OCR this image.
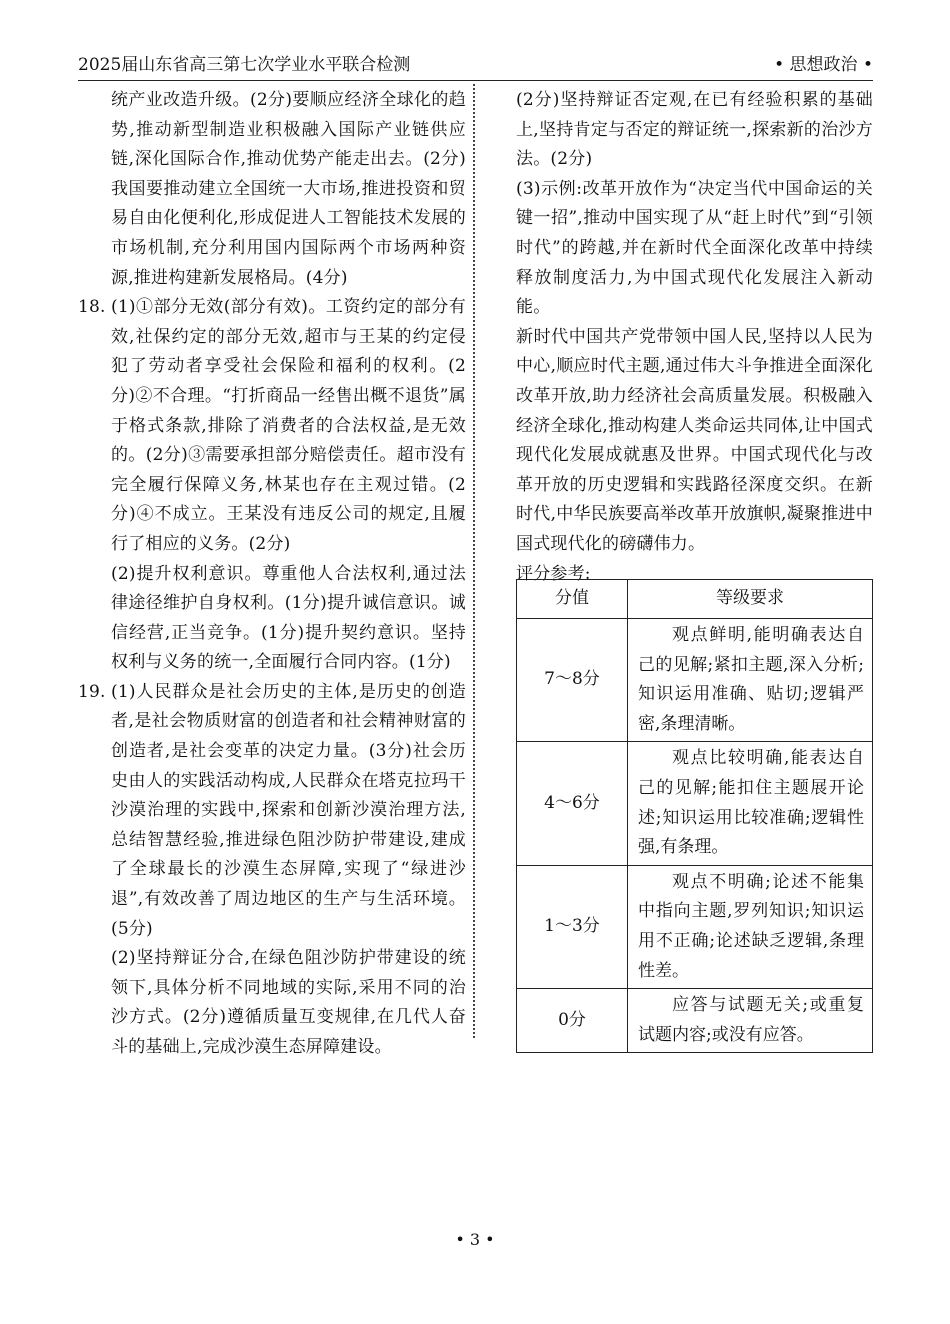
2025届山东省高三第七次学业水平联合检测	• 思想政治 •
统产业改造升级。(2分)要顺应经济全球化的趋势,推动新型制造业积极融入国际产业链供应链,深化国际合作,推动优势产能走出去。(2分)我国要推动建立全国统一大市场,推进投资和贸易自由化便利化,形成促进人工智能技术发展的市场机制,充分利用国内国际两个市场两种资源,推进构建新发展格局。(4分)
18. (1)①部分无效(部分有效)。工资约定的部分有效,社保约定的部分无效,超市与王某的约定侵犯了劳动者享受社会保险和福利的权利。(2分)②不合理。“打折商品一经售出概不退货”属于格式条款,排除了消费者的合法权益,是无效的。(2分)③需要承担部分赔偿责任。超市没有完全履行保障义务,林某也存在主观过错。(2分)④不成立。王某没有违反公司的规定,且履行了相应的义务。(2分)
(2)提升权利意识。尊重他人合法权利,通过法律途径维护自身权利。(1分)提升诚信意识。诚信经营,正当竞争。(1分)提升契约意识。坚持权利与义务的统一,全面履行合同内容。(1分)
19. (1)人民群众是社会历史的主体,是历史的创造者,是社会物质财富的创造者和社会精神财富的创造者,是社会变革的决定力量。(3分)社会历史由人的实践活动构成,人民群众在塔克拉玛干沙漠治理的实践中,探索和创新沙漠治理方法,总结智慧经验,推进绿色阻沙防护带建设,建成了全球最长的沙漠生态屏障,实现了“绿进沙退”,有效改善了周边地区的生产与生活环境。(5分)
(2)坚持辩证分合,在绿色阻沙防护带建设的统领下,具体分析不同地域的实际,采用不同的治沙方式。(2分)遵循质量互变规律,在几代人奋斗的基础上,完成沙漠生态屏障建设。
(2分)坚持辩证否定观,在已有经验积累的基础上,坚持肯定与否定的辩证统一,探索新的治沙方法。(2分)
(3)示例:改革开放作为“决定当代中国命运的关键一招”,推动中国实现了从“赶上时代”到“引领时代”的跨越,并在新时代全面深化改革中持续释放制度活力,为中国式现代化发展注入新动能。
新时代中国共产党带领中国人民,坚持以人民为中心,顺应时代主题,通过伟大斗争推进全面深化改革开放,助力经济社会高质量发展。积极融入经济全球化,推动构建人类命运共同体,让中国式现代化发展成就惠及世界。中国式现代化与改革开放的历史逻辑和实践路径深度交织。在新时代,中华民族要高举改革开放旗帜,凝聚推进中国式现代化的磅礴伟力。
评分参考:
分值	等级要求
7～8分	观点鲜明,能明确表达自己的见解;紧扣主题,深入分析;知识运用准确、贴切;逻辑严密,条理清晰。

4～6分	观点比较明确,能表达自己的见解;能扣住主题展开论述;知识运用比较准确;逻辑性强,有条理。

1～3分	观点不明确;论述不能集中指向主题,罗列知识;知识运用不正确;论述缺乏逻辑,条理性差。

0分	应答与试题无关;或重复试题内容;或没有应答。
• 3 •
